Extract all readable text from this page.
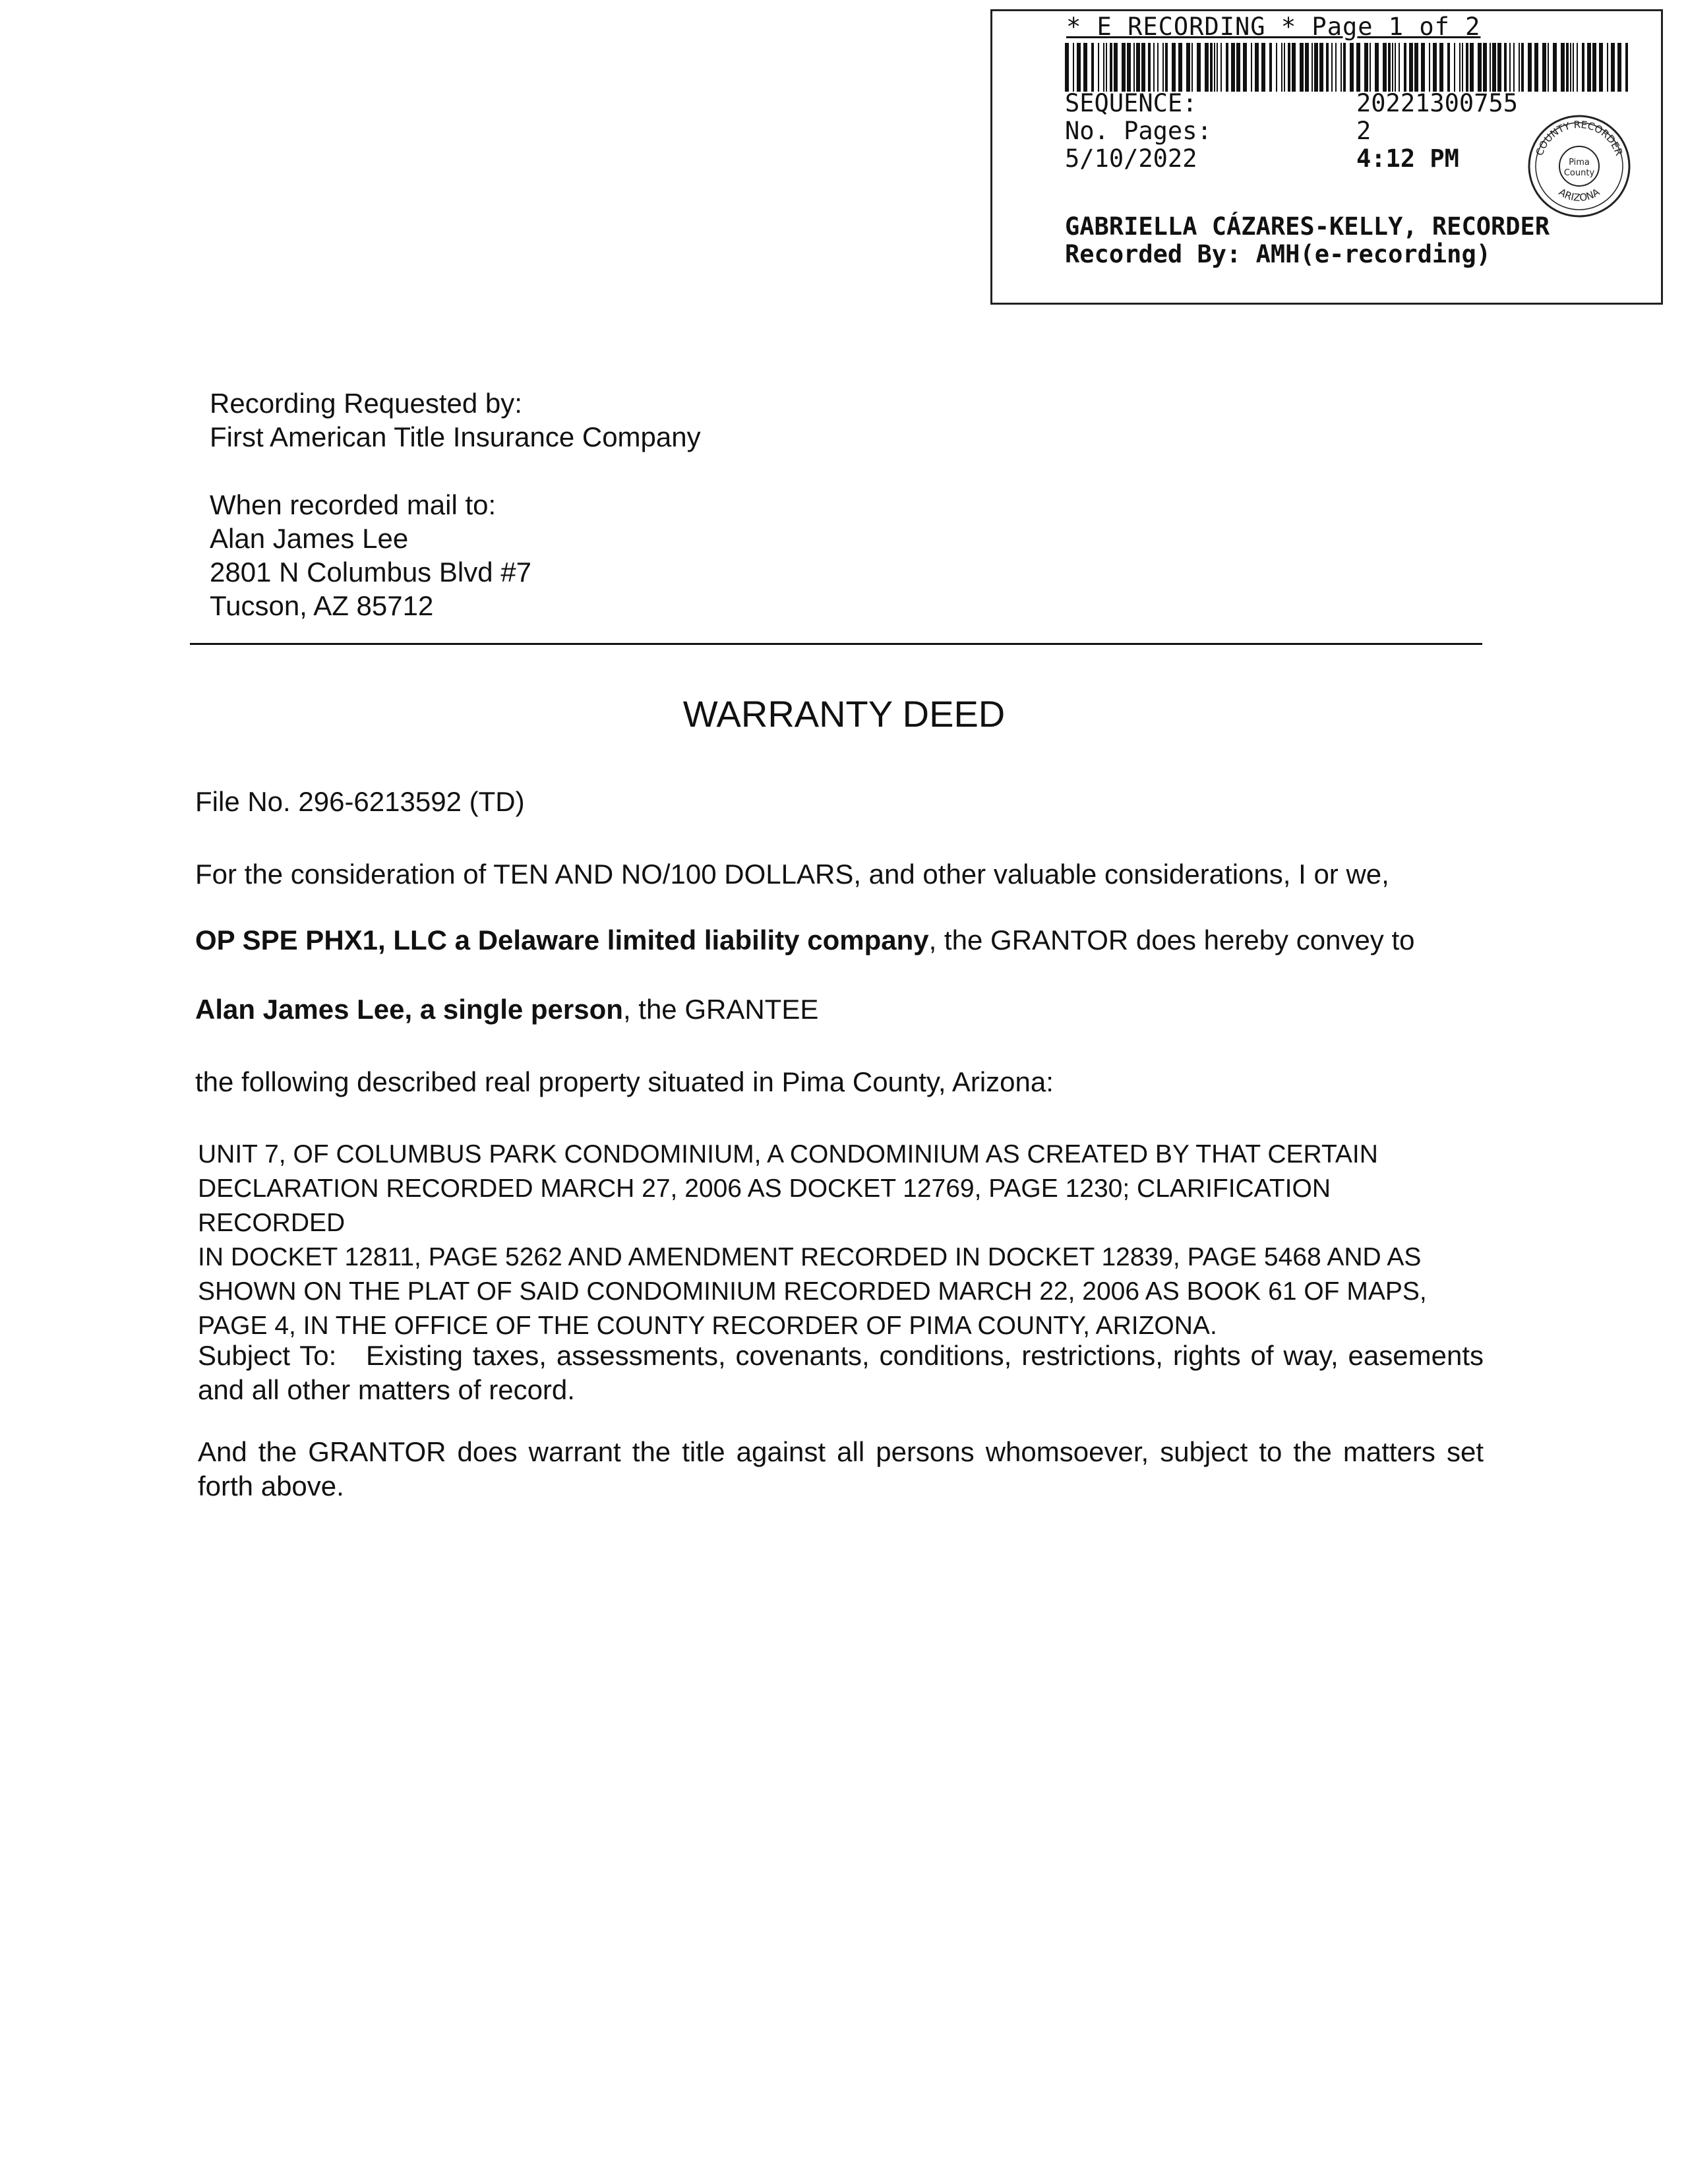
* E RECORDING * Page 1 of 2
SEQUENCE:	20221300755
No. Pages:	2
5/10/2022	4:12 PM	COUNTY RECORDER
ARIZONA
Pima
County
GABRIELLA CÁZARES-KELLY, RECORDER
Recorded By: AMH(e-recording)
Recording Requested by:
First American Title Insurance Company
When recorded mail to:
Alan James Lee
2801 N Columbus Blvd #7
Tucson, AZ 85712
WARRANTY DEED
File No. 296-6213592 (TD)
For the consideration of TEN AND NO/100 DOLLARS, and other valuable considerations, I or we,
OP SPE PHX1, LLC a Delaware limited liability company, the GRANTOR does hereby convey to
Alan James Lee, a single person, the GRANTEE
the following described real property situated in Pima County, Arizona:
UNIT 7, OF COLUMBUS PARK CONDOMINIUM, A CONDOMINIUM AS CREATED BY THAT CERTAIN
DECLARATION RECORDED MARCH 27, 2006 AS DOCKET 12769, PAGE 1230; CLARIFICATION RECORDED
IN DOCKET 12811, PAGE 5262 AND AMENDMENT RECORDED IN DOCKET 12839, PAGE 5468 AND AS
SHOWN ON THE PLAT OF SAID CONDOMINIUM RECORDED MARCH 22, 2006 AS BOOK 61 OF MAPS,
PAGE 4, IN THE OFFICE OF THE COUNTY RECORDER OF PIMA COUNTY, ARIZONA.
Subject To:   Existing taxes, assessments, covenants, conditions, restrictions, rights of way, easements and all other matters of record.
And the GRANTOR does warrant the title against all persons whomsoever, subject to the matters set forth above.
